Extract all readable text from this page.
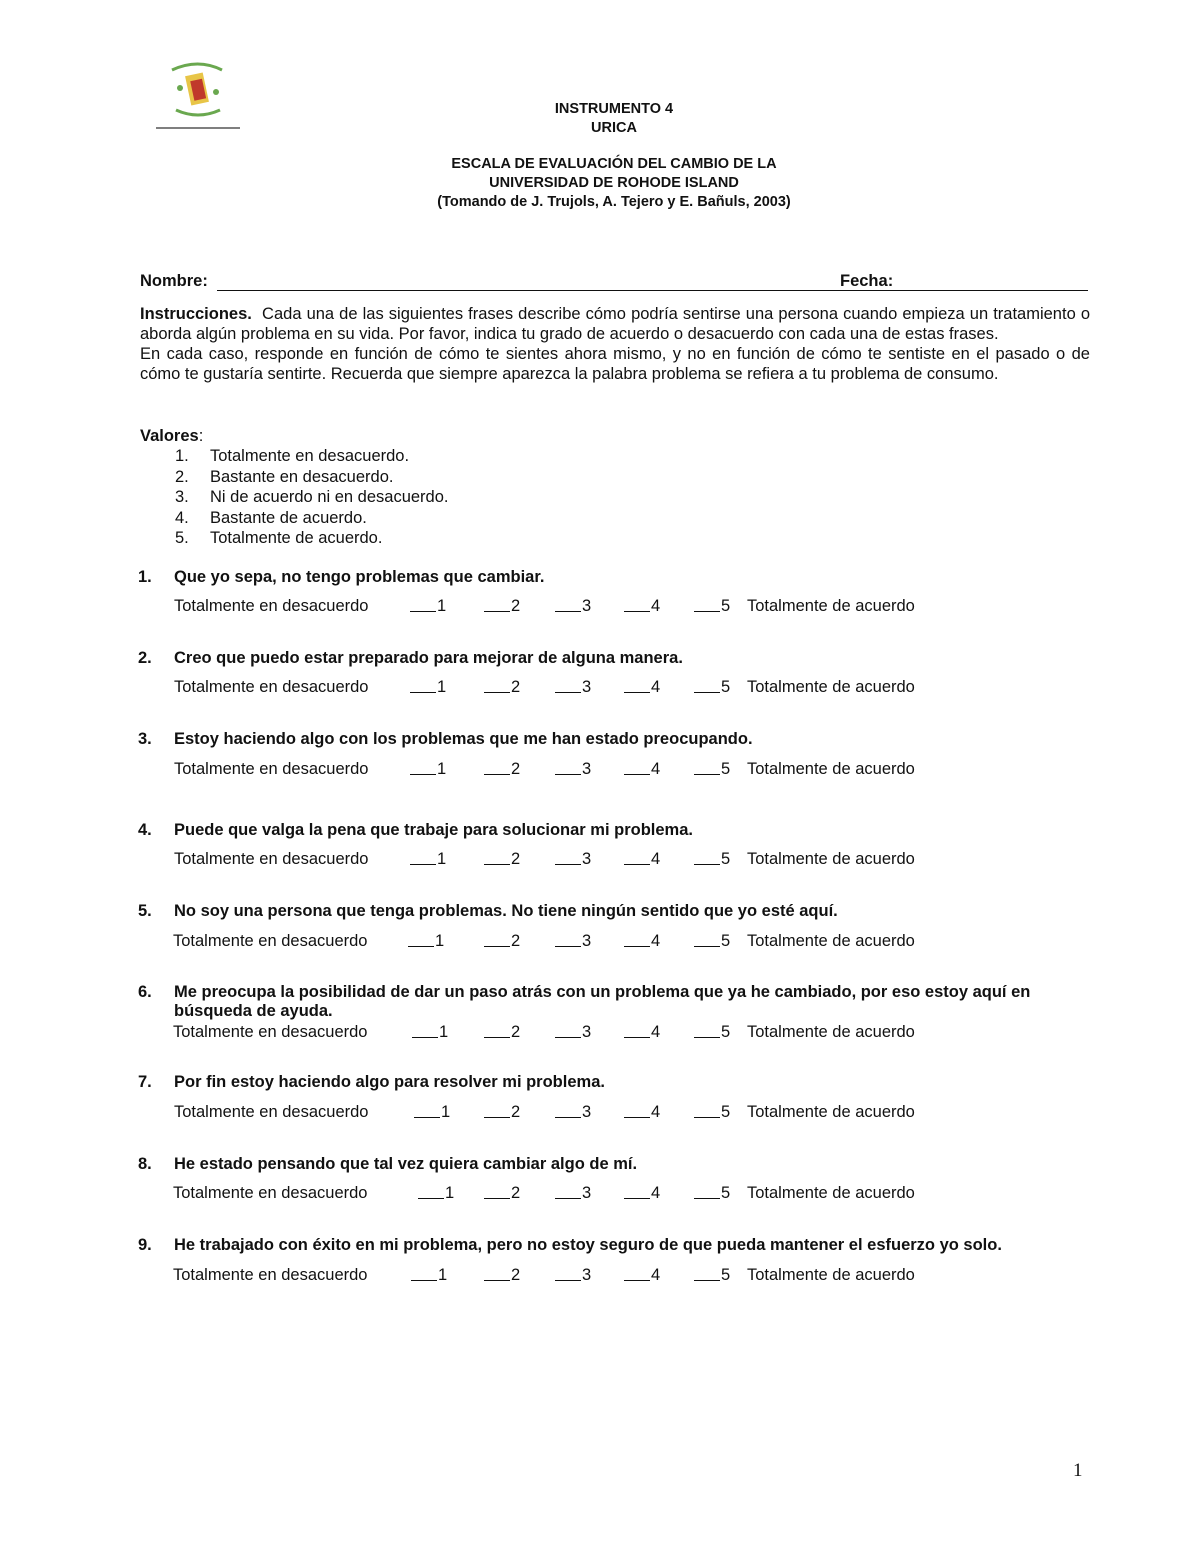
INSTRUMENTO 4
URICA
ESCALA DE EVALUACIÓN DEL CAMBIO DE LA
UNIVERSIDAD DE ROHODE ISLAND
(Tomando de J. Trujols, A. Tejero y E. Bañuls, 2003)
Nombre:	Fecha:

Instrucciones. Cada una de las siguientes frases describe cómo podría sentirse una persona cuando empieza un tratamiento o aborda algún problema en su vida. Por favor, indica tu grado de acuerdo o desacuerdo con cada una de estas frases.

En cada caso, responde en función de cómo te sientes ahora mismo, y no en función de cómo te sentiste en el pasado o de cómo te gustaría sentirte. Recuerda que siempre aparezca la palabra problema se refiera a tu problema de consumo.

Valores:
1. Totalmente en desacuerdo.
2. Bastante en desacuerdo.
3. Ni de acuerdo ni en desacuerdo.
4. Bastante de acuerdo.
5. Totalmente de acuerdo.
1. Que yo sepa, no tengo problemas que cambiar.
Totalmente en desacuerdo	1	2	3	4	5 Totalmente de acuerdo
2. Creo que puedo estar preparado para mejorar de alguna manera.
Totalmente en desacuerdo	1	2	3	4	5 Totalmente de acuerdo
3. Estoy haciendo algo con los problemas que me han estado preocupando.
Totalmente en desacuerdo	1	2	3	4	5 Totalmente de acuerdo
4. Puede que valga la pena que trabaje para solucionar mi problema.
Totalmente en desacuerdo	1	2	3	4	5 Totalmente de acuerdo
5. No soy una persona que tenga problemas. No tiene ningún sentido que yo esté aquí.
Totalmente en desacuerdo	1	2	3	4	5 Totalmente de acuerdo
6. Me preocupa la posibilidad de dar un paso atrás con un problema que ya he cambiado, por eso estoy aquí en búsqueda de ayuda.
Totalmente en desacuerdo	1	2	3	4	5 Totalmente de acuerdo
7. Por fin estoy haciendo algo para resolver mi problema.
Totalmente en desacuerdo	1	2	3	4	5 Totalmente de acuerdo
8. He estado pensando que tal vez quiera cambiar algo de mí.
Totalmente en desacuerdo	1	2	3	4	5 Totalmente de acuerdo
9. He trabajado con éxito en mi problema, pero no estoy seguro de que pueda mantener el esfuerzo yo solo.
Totalmente en desacuerdo	1	2	3	4	5 Totalmente de acuerdo
1
